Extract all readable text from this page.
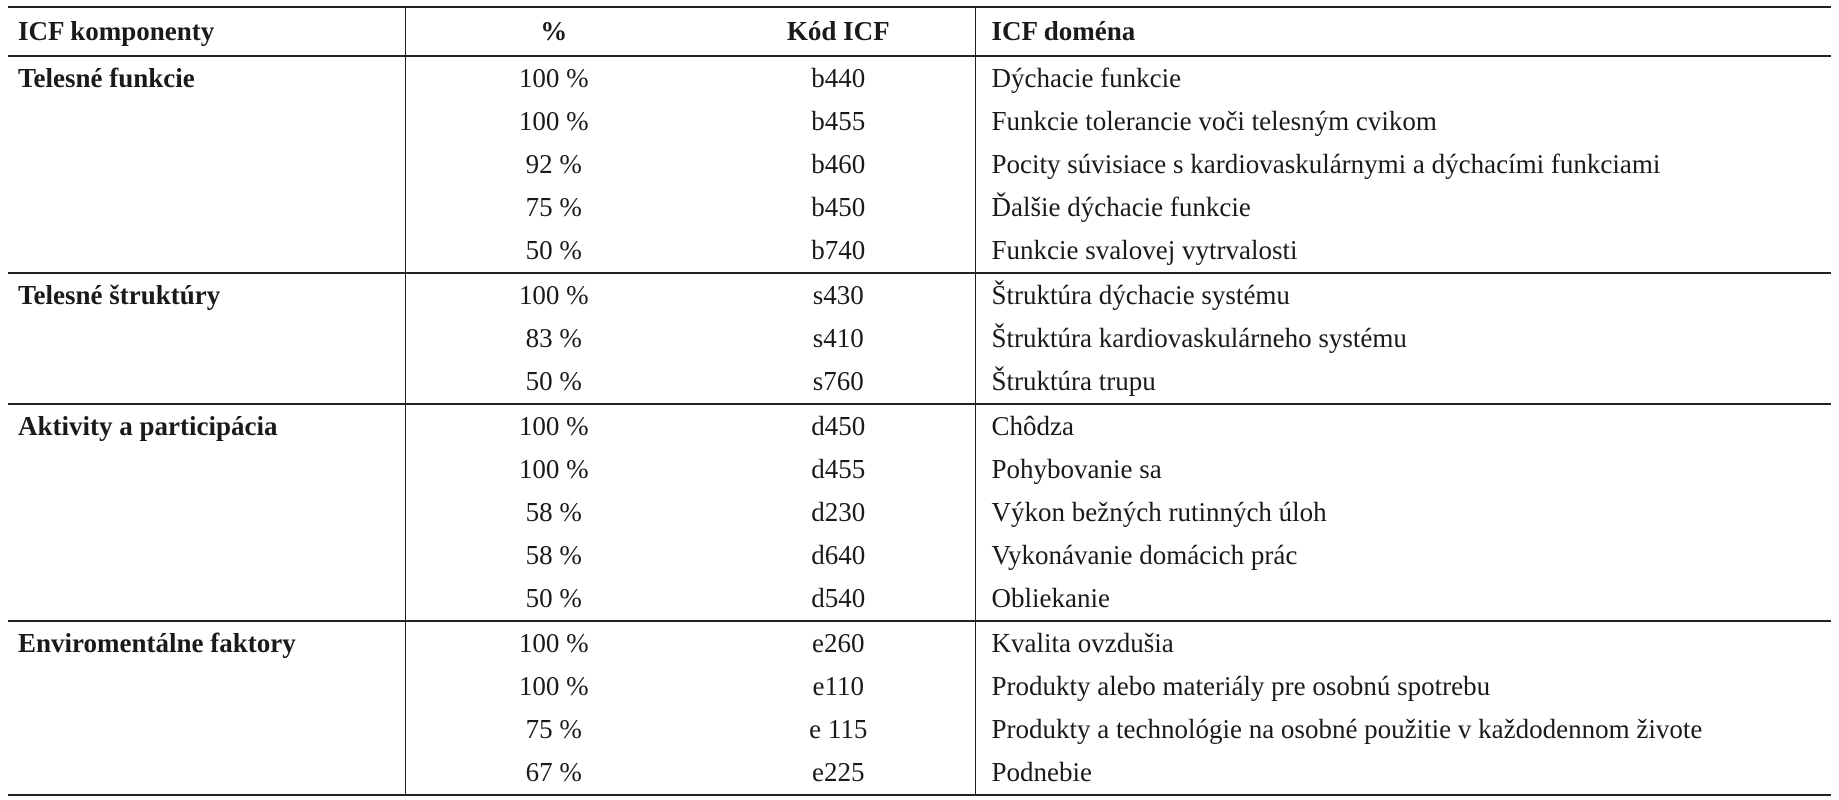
ICF komponenty	%	Kód ICF	ICF doména
Telesné funkcie	100 %	b440	Dýchacie funkcie
	100 %	b455	Funkcie tolerancie voči telesným cvikom
	92 %	b460	Pocity súvisiace s kardiovaskulárnymi a dýchacími funkciami
	75 %	b450	Ďalšie dýchacie funkcie
	50 %	b740	Funkcie svalovej vytrvalosti
Telesné štruktúry	100 %	s430	Štruktúra dýchacie systému
	83 %	s410	Štruktúra kardiovaskulárneho systému
	50 %	s760	Štruktúra trupu
Aktivity a participácia	100 %	d450	Chôdza
	100 %	d455	Pohybovanie sa
	58 %	d230	Výkon bežných rutinných úloh
	58 %	d640	Vykonávanie domácich prác
	50 %	d540	Obliekanie
Enviromentálne faktory	100 %	e260	Kvalita ovzdušia
	100 %	e110	Produkty alebo materiály pre osobnú spotrebu
	75 %	e 115	Produkty a technológie na osobné použitie v každodennom živote
	67 %	e225	Podnebie
